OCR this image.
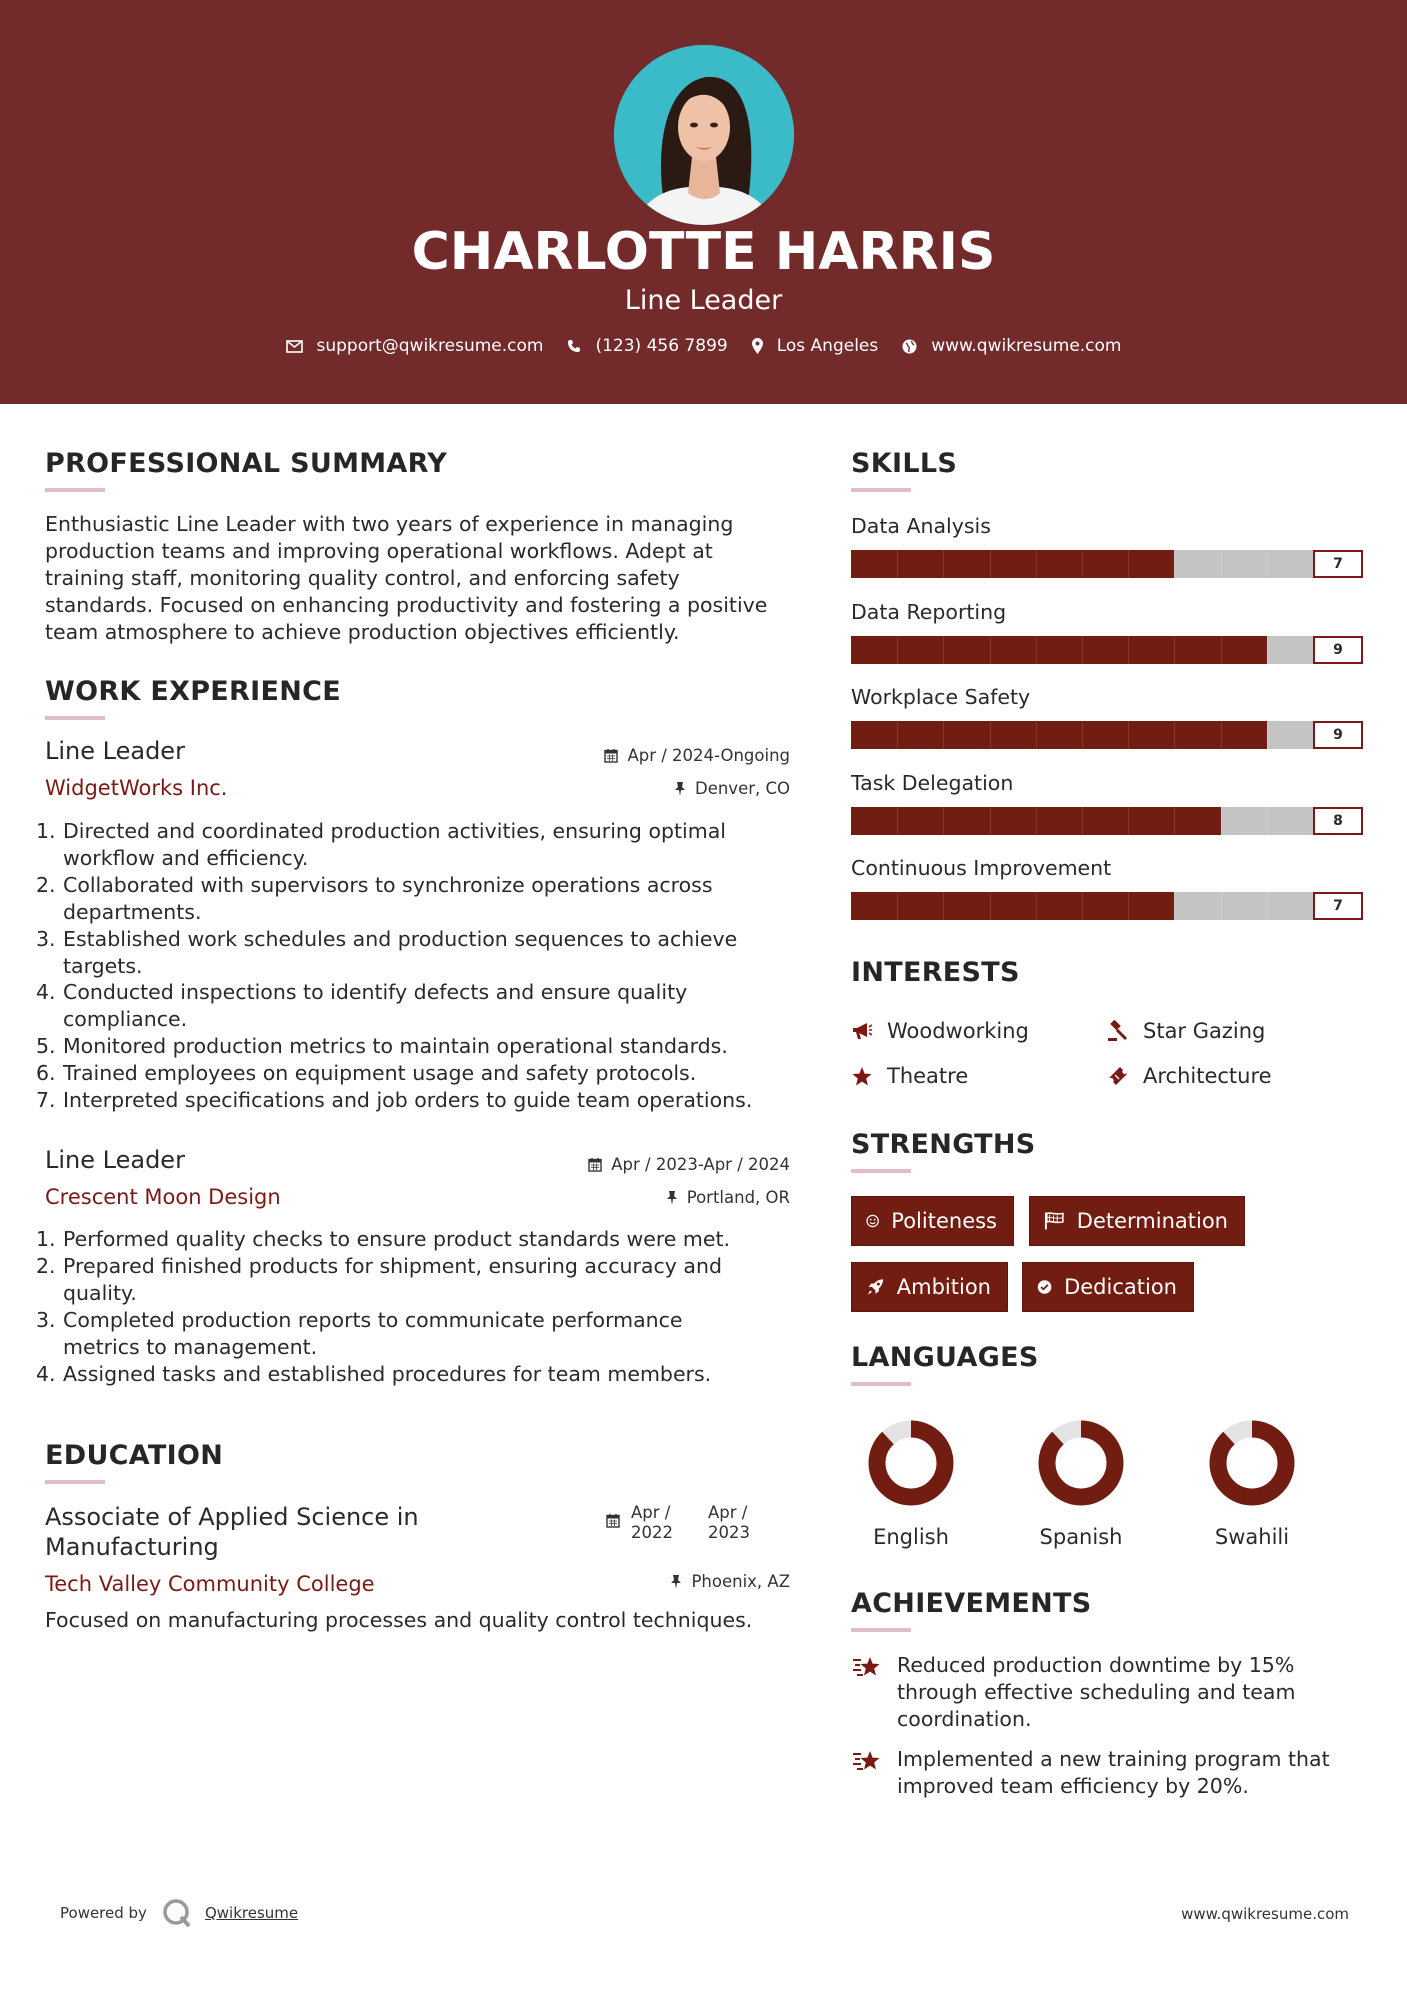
CHARLOTTE HARRIS
Line Leader
support@qwikresume.com	(123) 456 7899	Los Angeles	www.qwikresume.com
PROFESSIONAL SUMMARY
Enthusiastic Line Leader with two years of experience in managing
production teams and improving operational workflows. Adept at
training staff, monitoring quality control, and enforcing safety
standards. Focused on enhancing productivity and fostering a positive
team atmosphere to achieve production objectives efficiently.
WORK EXPERIENCE
Line Leader	Apr / 2024-Ongoing
WidgetWorks Inc.	Denver, CO
1. Directed and coordinated production activities, ensuring optimal
workflow and efficiency.
2. Collaborated with supervisors to synchronize operations across
departments.
3. Established work schedules and production sequences to achieve
targets.
4. Conducted inspections to identify defects and ensure quality
compliance.
5. Monitored production metrics to maintain operational standards.
6. Trained employees on equipment usage and safety protocols.
7. Interpreted specifications and job orders to guide team operations.
Line Leader	Apr / 2023-Apr / 2024
Crescent Moon Design	Portland, OR
1. Performed quality checks to ensure product standards were met.
2. Prepared finished products for shipment, ensuring accuracy and
quality.
3. Completed production reports to communicate performance
metrics to management.
4. Assigned tasks and established procedures for team members.
EDUCATION
Associate of Applied Science in
Manufacturing
Apr /
2022
Apr /
2023
Tech Valley Community College	Phoenix, AZ
Focused on manufacturing processes and quality control techniques.
SKILLS
Data Analysis
7
Data Reporting
9
Workplace Safety
9
Task Delegation
8
Continuous Improvement
7
INTERESTS
Woodworking	Star Gazing
Theatre	Architecture
STRENGTHS
Politeness	Determination
Ambition	Dedication
LANGUAGES
English	Spanish	Swahili
ACHIEVEMENTS
Reduced production downtime by 15%
through effective scheduling and team
coordination.
Implemented a new training program that
improved team efficiency by 20%.
Powered by	Qwikresume	www.qwikresume.com
